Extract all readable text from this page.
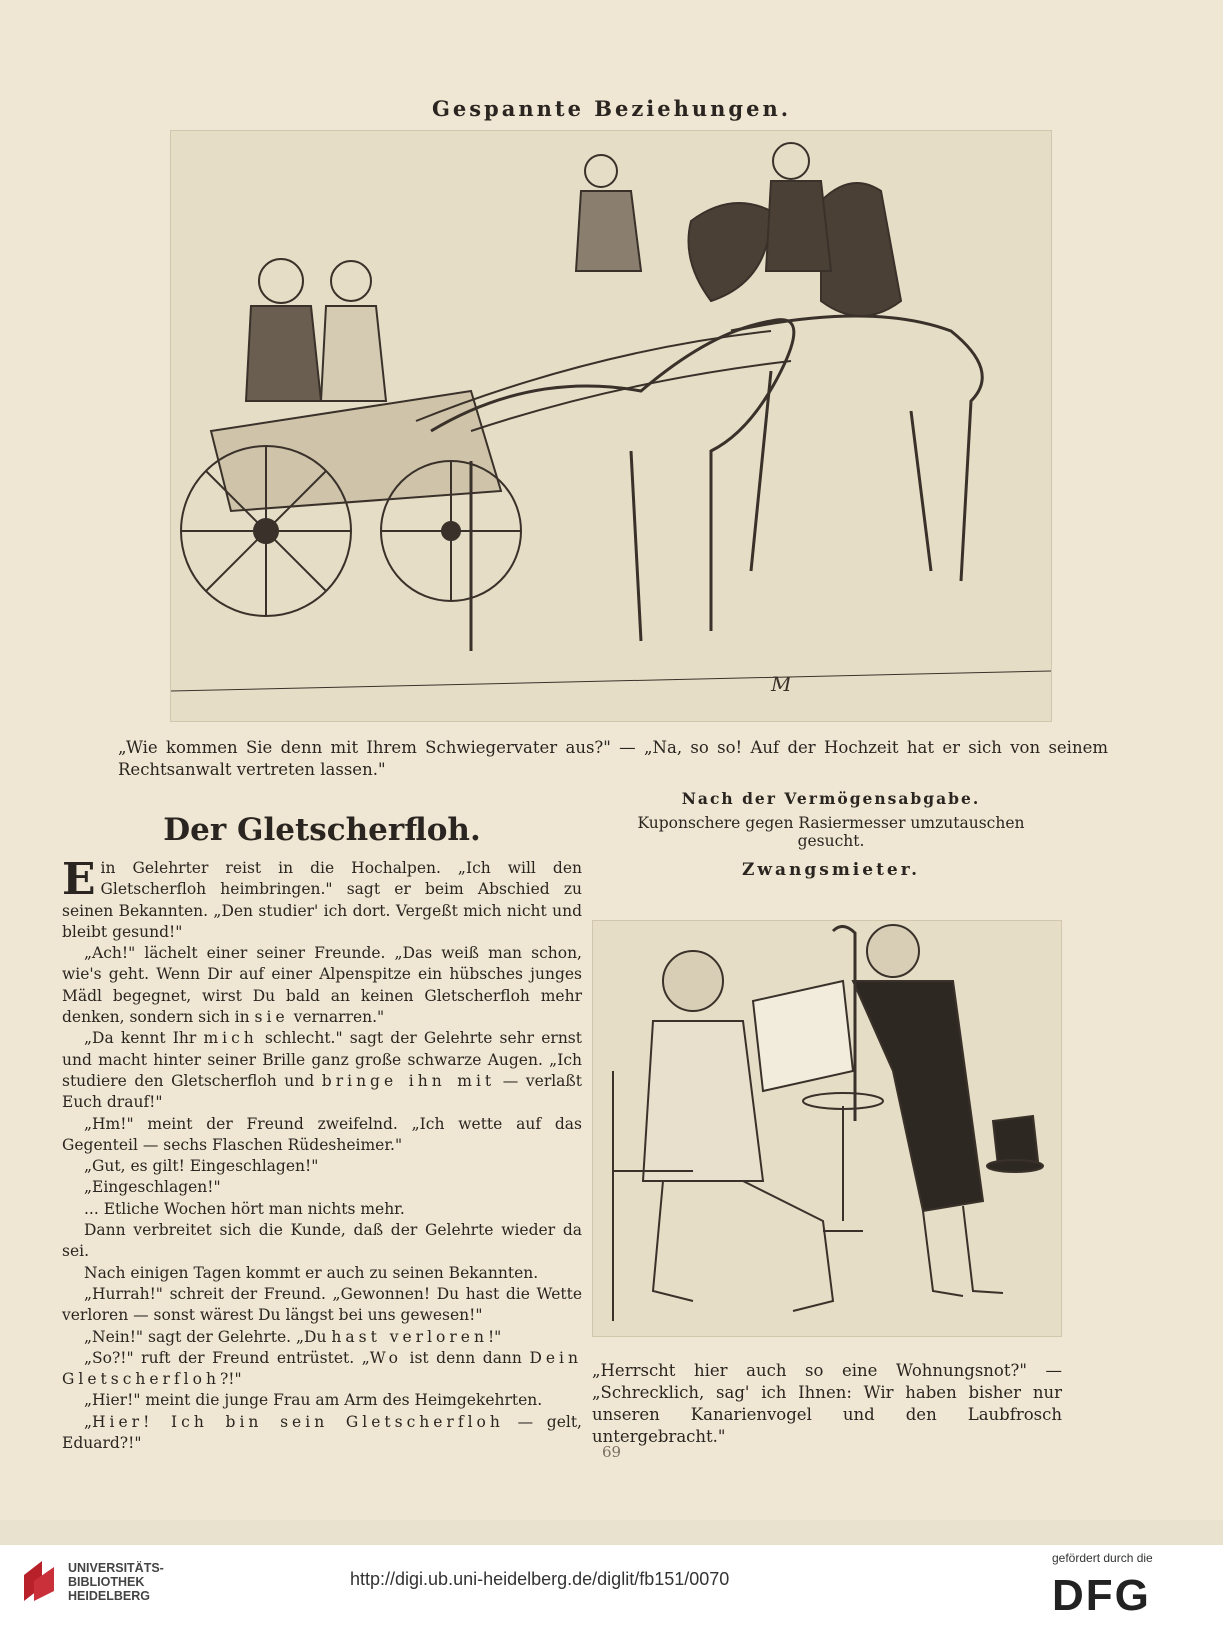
Gespannte Beziehungen.
M
„Wie kommen Sie denn mit Ihrem Schwiegervater aus?" — „Na, so so! Auf der Hochzeit hat er sich von seinem Rechtsanwalt vertreten lassen."
Der Gletscherfloh.

Ein Gelehrter reist in die Hochalpen. „Ich will den Gletscherfloh heimbringen." sagt er beim Abschied zu seinen Bekannten. „Den studier' ich dort. Vergeßt mich nicht und bleibt gesund!"

„Ach!" lächelt einer seiner Freunde. „Das weiß man schon, wie's geht. Wenn Dir auf einer Alpenspitze ein hübsches junges Mädl begegnet, wirst Du bald an keinen Gletscherfloh mehr denken, sondern sich in sie vernarren."

„Da kennt Ihr mich schlecht." sagt der Gelehrte sehr ernst und macht hinter seiner Brille ganz große schwarze Augen. „Ich studiere den Gletscherfloh und bringe ihn mit — verlaßt Euch drauf!"

„Hm!" meint der Freund zweifelnd. „Ich wette auf das Gegenteil — sechs Flaschen Rüdesheimer."

„Gut, es gilt! Eingeschlagen!"

„Eingeschlagen!"

... Etliche Wochen hört man nichts mehr.

Dann verbreitet sich die Kunde, daß der Gelehrte wieder da sei.

Nach einigen Tagen kommt er auch zu seinen Bekannten.

„Hurrah!" schreit der Freund. „Gewonnen! Du hast die Wette verloren — sonst wärest Du längst bei uns gewesen!"

„Nein!" sagt der Gelehrte. „Du hast verloren!"

„So?!" ruft der Freund entrüstet. „Wo ist denn dann Dein Gletscherfloh?!"

„Hier!" meint die junge Frau am Arm des Heimgekehrten.

„Hier! Ich bin sein Gletscherfloh — gelt, Eduard?!"

Nach der Vermögensabgabe.
Kuponschere gegen Rasiermesser umzutauschen gesucht.
Zwangsmieter.
„Herrscht hier auch so eine Wohnungsnot?" — „Schrecklich, sag' ich Ihnen: Wir haben bisher nur unseren Kanarienvogel und den Laubfrosch untergebracht."
69
UNIVERSITÄTS-
BIBLIOTHEK
HEIDELBERG
http://digi.ub.uni-heidelberg.de/diglit/fb151/0070
gefördert durch die
DFG
